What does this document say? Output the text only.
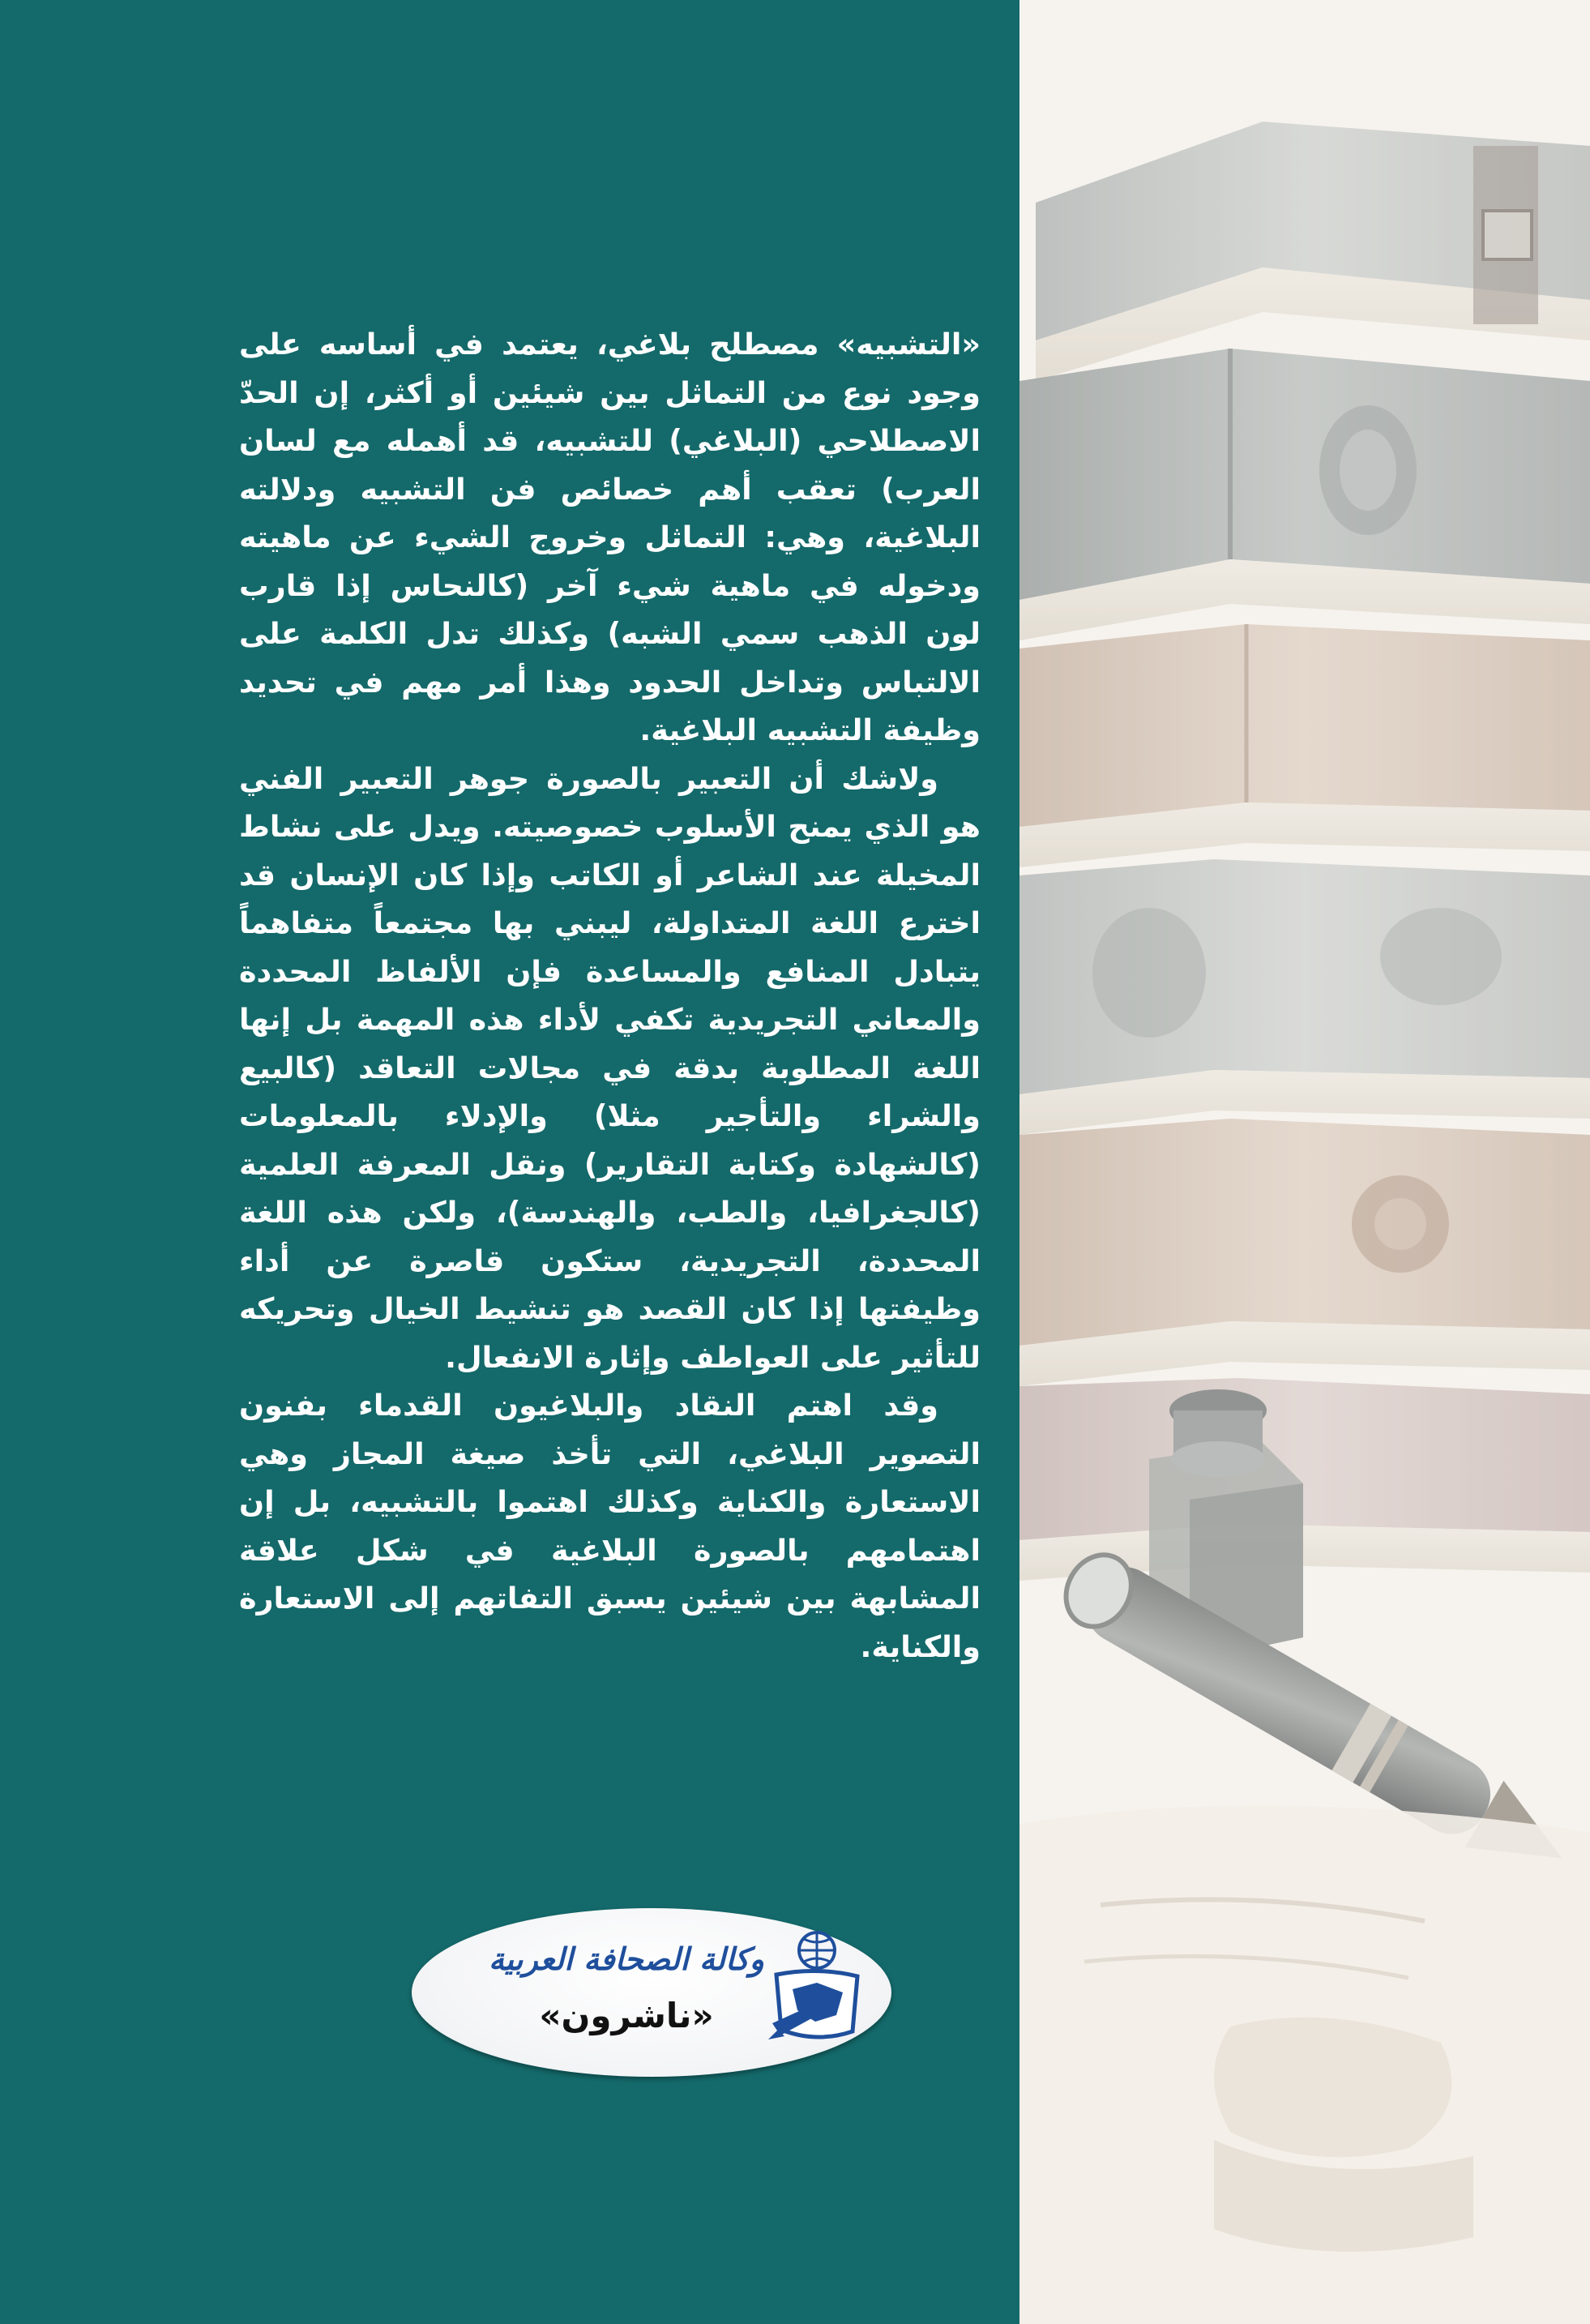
«التشبيه» مصطلح بلاغي، يعتمد في أساسه على وجود نوع من التماثل بين شيئين أو أكثر، إن الحدّ الاصطلاحي (البلاغي) للتشبيه، قد أهمله مع لسان العرب) تعقب أهم خصائص فن التشبيه ودلالته البلاغية، وهي: التماثل وخروج الشيء عن ماهيته ودخوله في ماهية شيء آخر (كالنحاس إذا قارب لون الذهب سمي الشبه) وكذلك تدل الكلمة على الالتباس وتداخل الحدود وهذا أمر مهم في تحديد وظيفة التشبيه البلاغية.

ولاشك أن التعبير بالصورة جوهر التعبير الفني هو الذي يمنح الأسلوب خصوصيته. ويدل على نشاط المخيلة عند الشاعر أو الكاتب وإذا كان الإنسان قد اخترع اللغة المتداولة، ليبني بها مجتمعاً متفاهماً يتبادل المنافع والمساعدة فإن الألفاظ المحددة والمعاني التجريدية تكفي لأداء هذه المهمة بل إنها اللغة المطلوبة بدقة في مجالات التعاقد (كالبيع والشراء والتأجير مثلا) والإدلاء بالمعلومات (كالشهادة وكتابة التقارير) ونقل المعرفة العلمية (كالجغرافيا، والطب، والهندسة)، ولكن هذه اللغة المحددة، التجريدية، ستكون قاصرة عن أداء وظيفتها إذا كان القصد هو تنشيط الخيال وتحريكه للتأثير على العواطف وإثارة الانفعال.

وقد اهتم النقاد والبلاغيون القدماء بفنون التصوير البلاغي، التي تأخذ صيغة المجاز وهي الاستعارة والكناية وكذلك اهتموا بالتشبيه، بل إن اهتمامهم بالصورة البلاغية في شكل علاقة المشابهة بين شيئين يسبق التفاتهم إلى الاستعارة والكناية.

وكالة الصحافة العربية
«ناشرون»
